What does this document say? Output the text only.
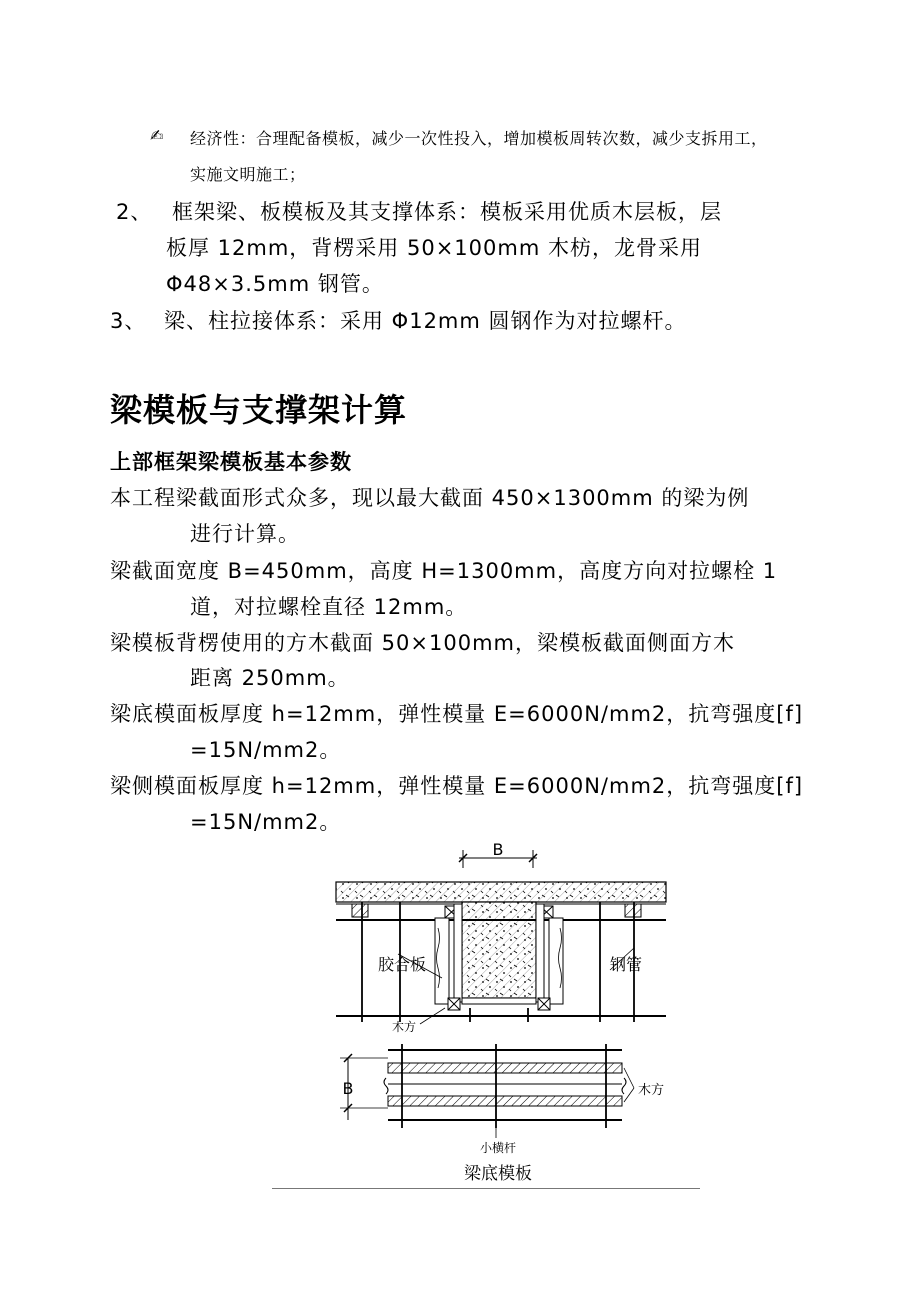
✍ 经济性：合理配备模板，减少一次性投入，增加模板周转次数，减少支拆用工，
实施文明施工；
2、 框架梁、板模板及其支撑体系：模板采用优质木层板，层
板厚 12mm，背楞采用 50×100mm 木枋，龙骨采用
Φ48×3.5mm 钢管。
3、 梁、柱拉接体系：采用 Φ12mm 圆钢作为对拉螺杆。
梁模板与支撑架计算
上部框架梁模板基本参数
本工程梁截面形式众多，现以最大截面 450×1300mm 的梁为例
进行计算。
梁截面宽度 B=450mm，高度 H=1300mm，高度方向对拉螺栓 1
道，对拉螺栓直径 12mm。
梁模板背楞使用的方木截面 50×100mm，梁模板截面侧面方木
距离 250mm。
梁底模面板厚度 h=12mm，弹性模量 E=6000N/mm2，抗弯强度[f]
=15N/mm2。
梁侧模面板厚度 h=12mm，弹性模量 E=6000N/mm2，抗弯强度[f]
=15N/mm2。
B
胶合板	钢管
木方
B	木方
小横杆
梁底模板
